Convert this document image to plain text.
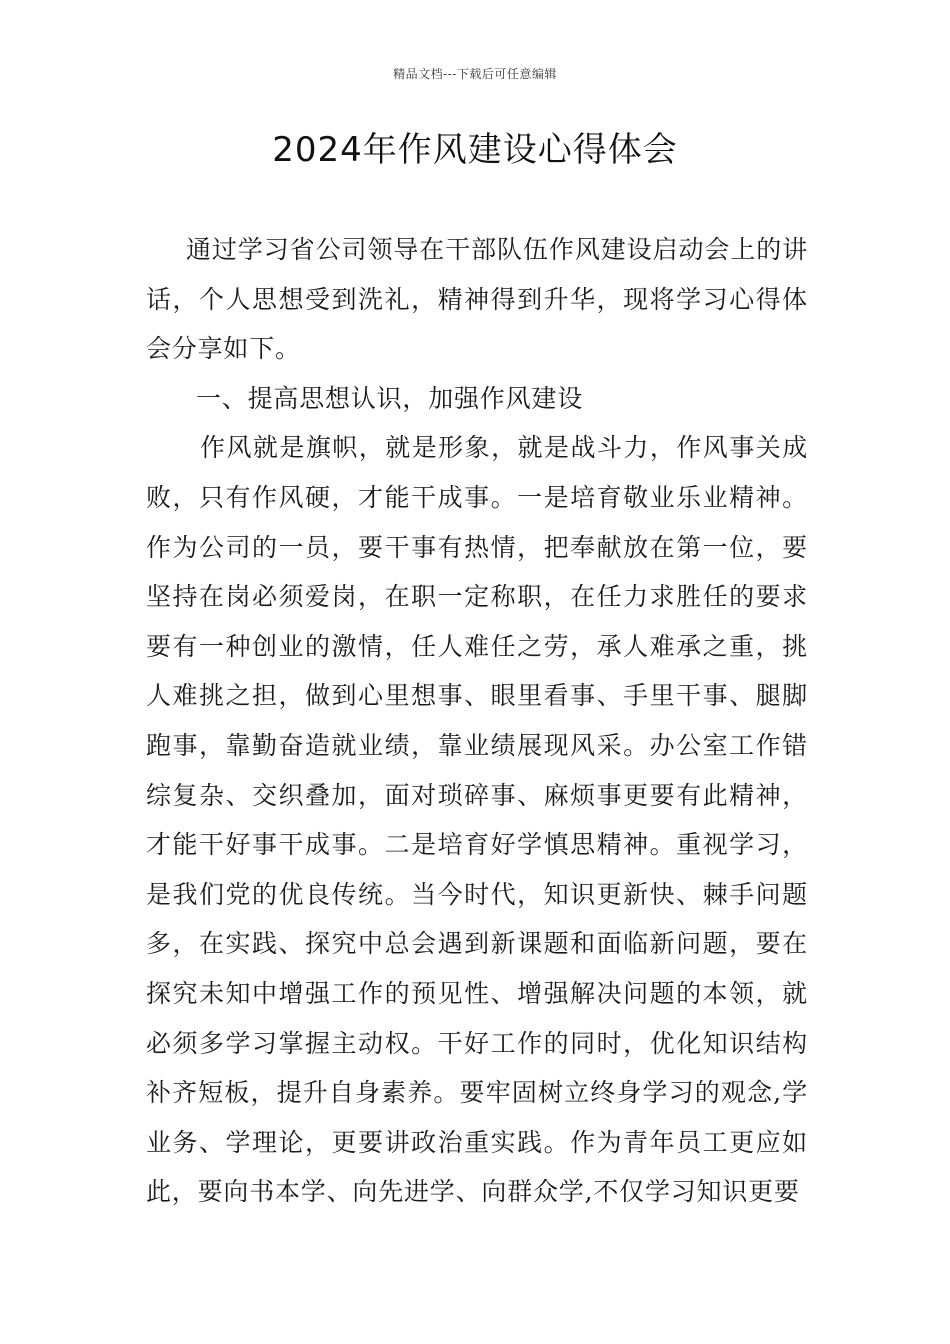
精品文档---下载后可任意编辑
2024年作风建设心得体会

通过学习省公司领导在干部队伍作风建设启动会上的讲话，个人思想受到洗礼，精神得到升华，现将学习心得体会分享如下。

一、提高思想认识，加强作风建设

作风就是旗帜，就是形象，就是战斗力，作风事关成败，只有作风硬，才能干成事。一是培育敬业乐业精神。作为公司的一员，要干事有热情，把奉献放在第一位，要坚持在岗必须爱岗，在职一定称职，在任力求胜任的要求要有一种创业的激情，任人难任之劳，承人难承之重，挑人难挑之担，做到心里想事、眼里看事、手里干事、腿脚跑事，靠勤奋造就业绩，靠业绩展现风采。办公室工作错综复杂、交织叠加，面对琐碎事、麻烦事更要有此精神，才能干好事干成事。二是培育好学慎思精神。重视学习，是我们党的优良传统。当今时代，知识更新快、棘手问题多，在实践、探究中总会遇到新课题和面临新问题，要在探究未知中增强工作的预见性、增强解决问题的本领，就必须多学习掌握主动权。干好工作的同时，优化知识结构补齐短板，提升自身素养。要牢固树立终身学习的观念,学业务、学理论，更要讲政治重实践。作为青年员工更应如此，要向书本学、向先进学、向群众学,不仅学习知识更要
